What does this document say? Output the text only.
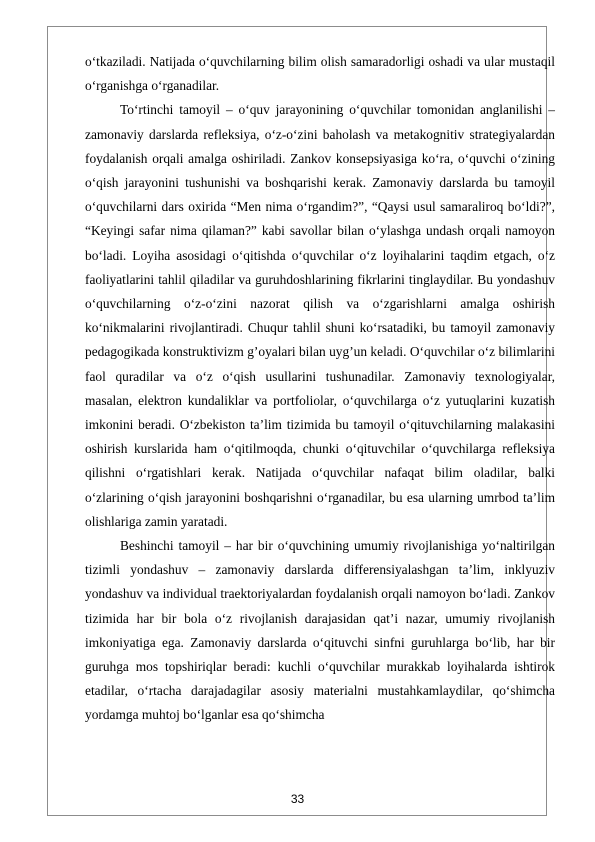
o‘tkaziladi. Natijada o‘quvchilarning bilim olish samaradorligi oshadi va ular mustaqil o‘rganishga o‘rganadilar.

To‘rtinchi tamoyil – o‘quv jarayonining o‘quvchilar tomonidan anglanilishi – zamonaviy darslarda refleksiya, o‘z-o‘zini baholash va metakognitiv strategiyalardan foydalanish orqali amalga oshiriladi. Zankov konsepsiyasiga ko‘ra, o‘quvchi o‘zining o‘qish jarayonini tushunishi va boshqarishi kerak. Zamonaviy darslarda bu tamoyil o‘quvchilarni dars oxirida “Men nima o‘rgandim?”, “Qaysi usul samaraliroq bo‘ldi?”, “Keyingi safar nima qilaman?” kabi savollar bilan o‘ylashga undash orqali namoyon bo‘ladi. Loyiha asosidagi o‘qitishda o‘quvchilar o‘z loyihalarini taqdim etgach, o‘z faoliyatlarini tahlil qiladilar va guruhdoshlarining fikrlarini tinglaydilar. Bu yondashuv o‘quvchilarning o‘z-o‘zini nazorat qilish va o‘zgarishlarni amalga oshirish ko‘nikmalarini rivojlantiradi. Chuqur tahlil shuni ko‘rsatadiki, bu tamoyil zamonaviy pedagogikada konstruktivizm g’oyalari bilan uyg’un keladi. O‘quvchilar o‘z bilimlarini faol quradilar va o‘z o‘qish usullarini tushunadilar. Zamonaviy texnologiyalar, masalan, elektron kundaliklar va portfoliolar, o‘quvchilarga o‘z yutuqlarini kuzatish imkonini beradi. O‘zbekiston ta’lim tizimida bu tamoyil o‘qituvchilarning malakasini oshirish kurslarida ham o‘qitilmoqda, chunki o‘qituvchilar o‘quvchilarga refleksiya qilishni o‘rgatishlari kerak. Natijada o‘quvchilar nafaqat bilim oladilar, balki o‘zlarining o‘qish jarayonini boshqarishni o‘rganadilar, bu esa ularning umrbod ta’lim olishlariga zamin yaratadi.

Beshinchi tamoyil – har bir o‘quvchining umumiy rivojlanishiga yo‘naltirilgan tizimli yondashuv – zamonaviy darslarda differensiyalashgan ta’lim, inklyuziv yondashuv va individual traektoriyalardan foydalanish orqali namoyon bo‘ladi. Zankov tizimida har bir bola o‘z rivojlanish darajasidan qat’i nazar, umumiy rivojlanish imkoniyatiga ega. Zamonaviy darslarda o‘qituvchi sinfni guruhlarga bo‘lib, har bir guruhga mos topshiriqlar beradi: kuchli o‘quvchilar murakkab loyihalarda ishtirok etadilar, o‘rtacha darajadagilar asosiy materialni mustahkamlaydilar, qo‘shimcha yordamga muhtoj bo‘lganlar esa qo‘shimcha

33
